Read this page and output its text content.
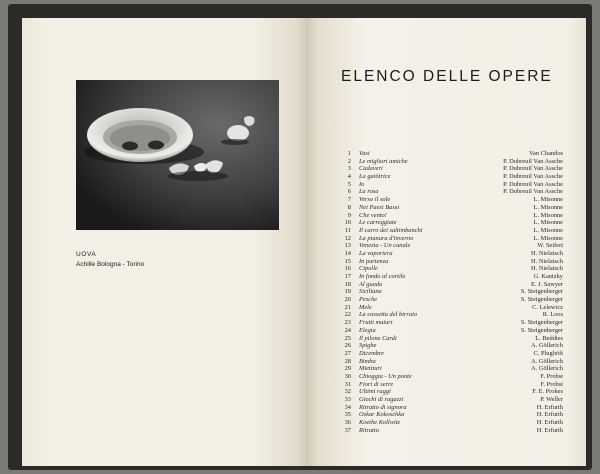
UOVA
Achille Bologna - Torino
ELENCO DELLE OPERE
1 Vasi	Van Chandos
2 Le migliori amiche	P. Dubreuil Van Assche
3 Cadaveri	P. Dubreuil Van Assche
4 La gaiòtrice	P. Dubreuil Van Assche
5 Io	P. Dubreuil Van Assche
6 La rosa	P. Dubreuil Van Assche
7 Verso il sole	L. Misonne
8 Nei Paesi Bassi	L. Misonne
9 Che vento!	L. Misonne
10 Le carreggiate	L. Misonne
11 Il carro dei saltimbanchi	L. Misonne
12 La pianura d'inverno	L. Misonne
13 Venezia - Un canale	W. Seifert
14 La vaporiera	H. Nielatsch
15 In partenza	H. Nielatsch
16 Cipolle	H. Nielatsch
17 In fondo al cortile	G. Kantzky
18 Al guado	E. J. Sawyer
19 Siciliana	S. Steigenberger
20 Pesche	S. Steigenberger
21 Mele	C. Lelewicz
22 La cassetta del birraio	R. Loos
23 Frutti maturi	S. Steigenberger
24 Elegia	S. Steigenberger
25 Il pilone Cardi	L. Beddies
26 Spighe	A. Göllerich
27 Dicembre	C. Plughöft
28 Bimba	A. Göllerich
29 Mietituri	A. Göllerich
30 Chioggia - Un ponte	F. Probst
31 Fiori di serre	F. Probst
32 Ultimi raggi	F. E. Prokes
33 Giochi di ragazzi	P. Weller
34 Ritratto di signora	H. Erfurth
35 Oskar Kokoschka	H. Erfurth
36 Koethe Kollwitz	H. Erfurth
37 Ritratto	H. Erfurth
